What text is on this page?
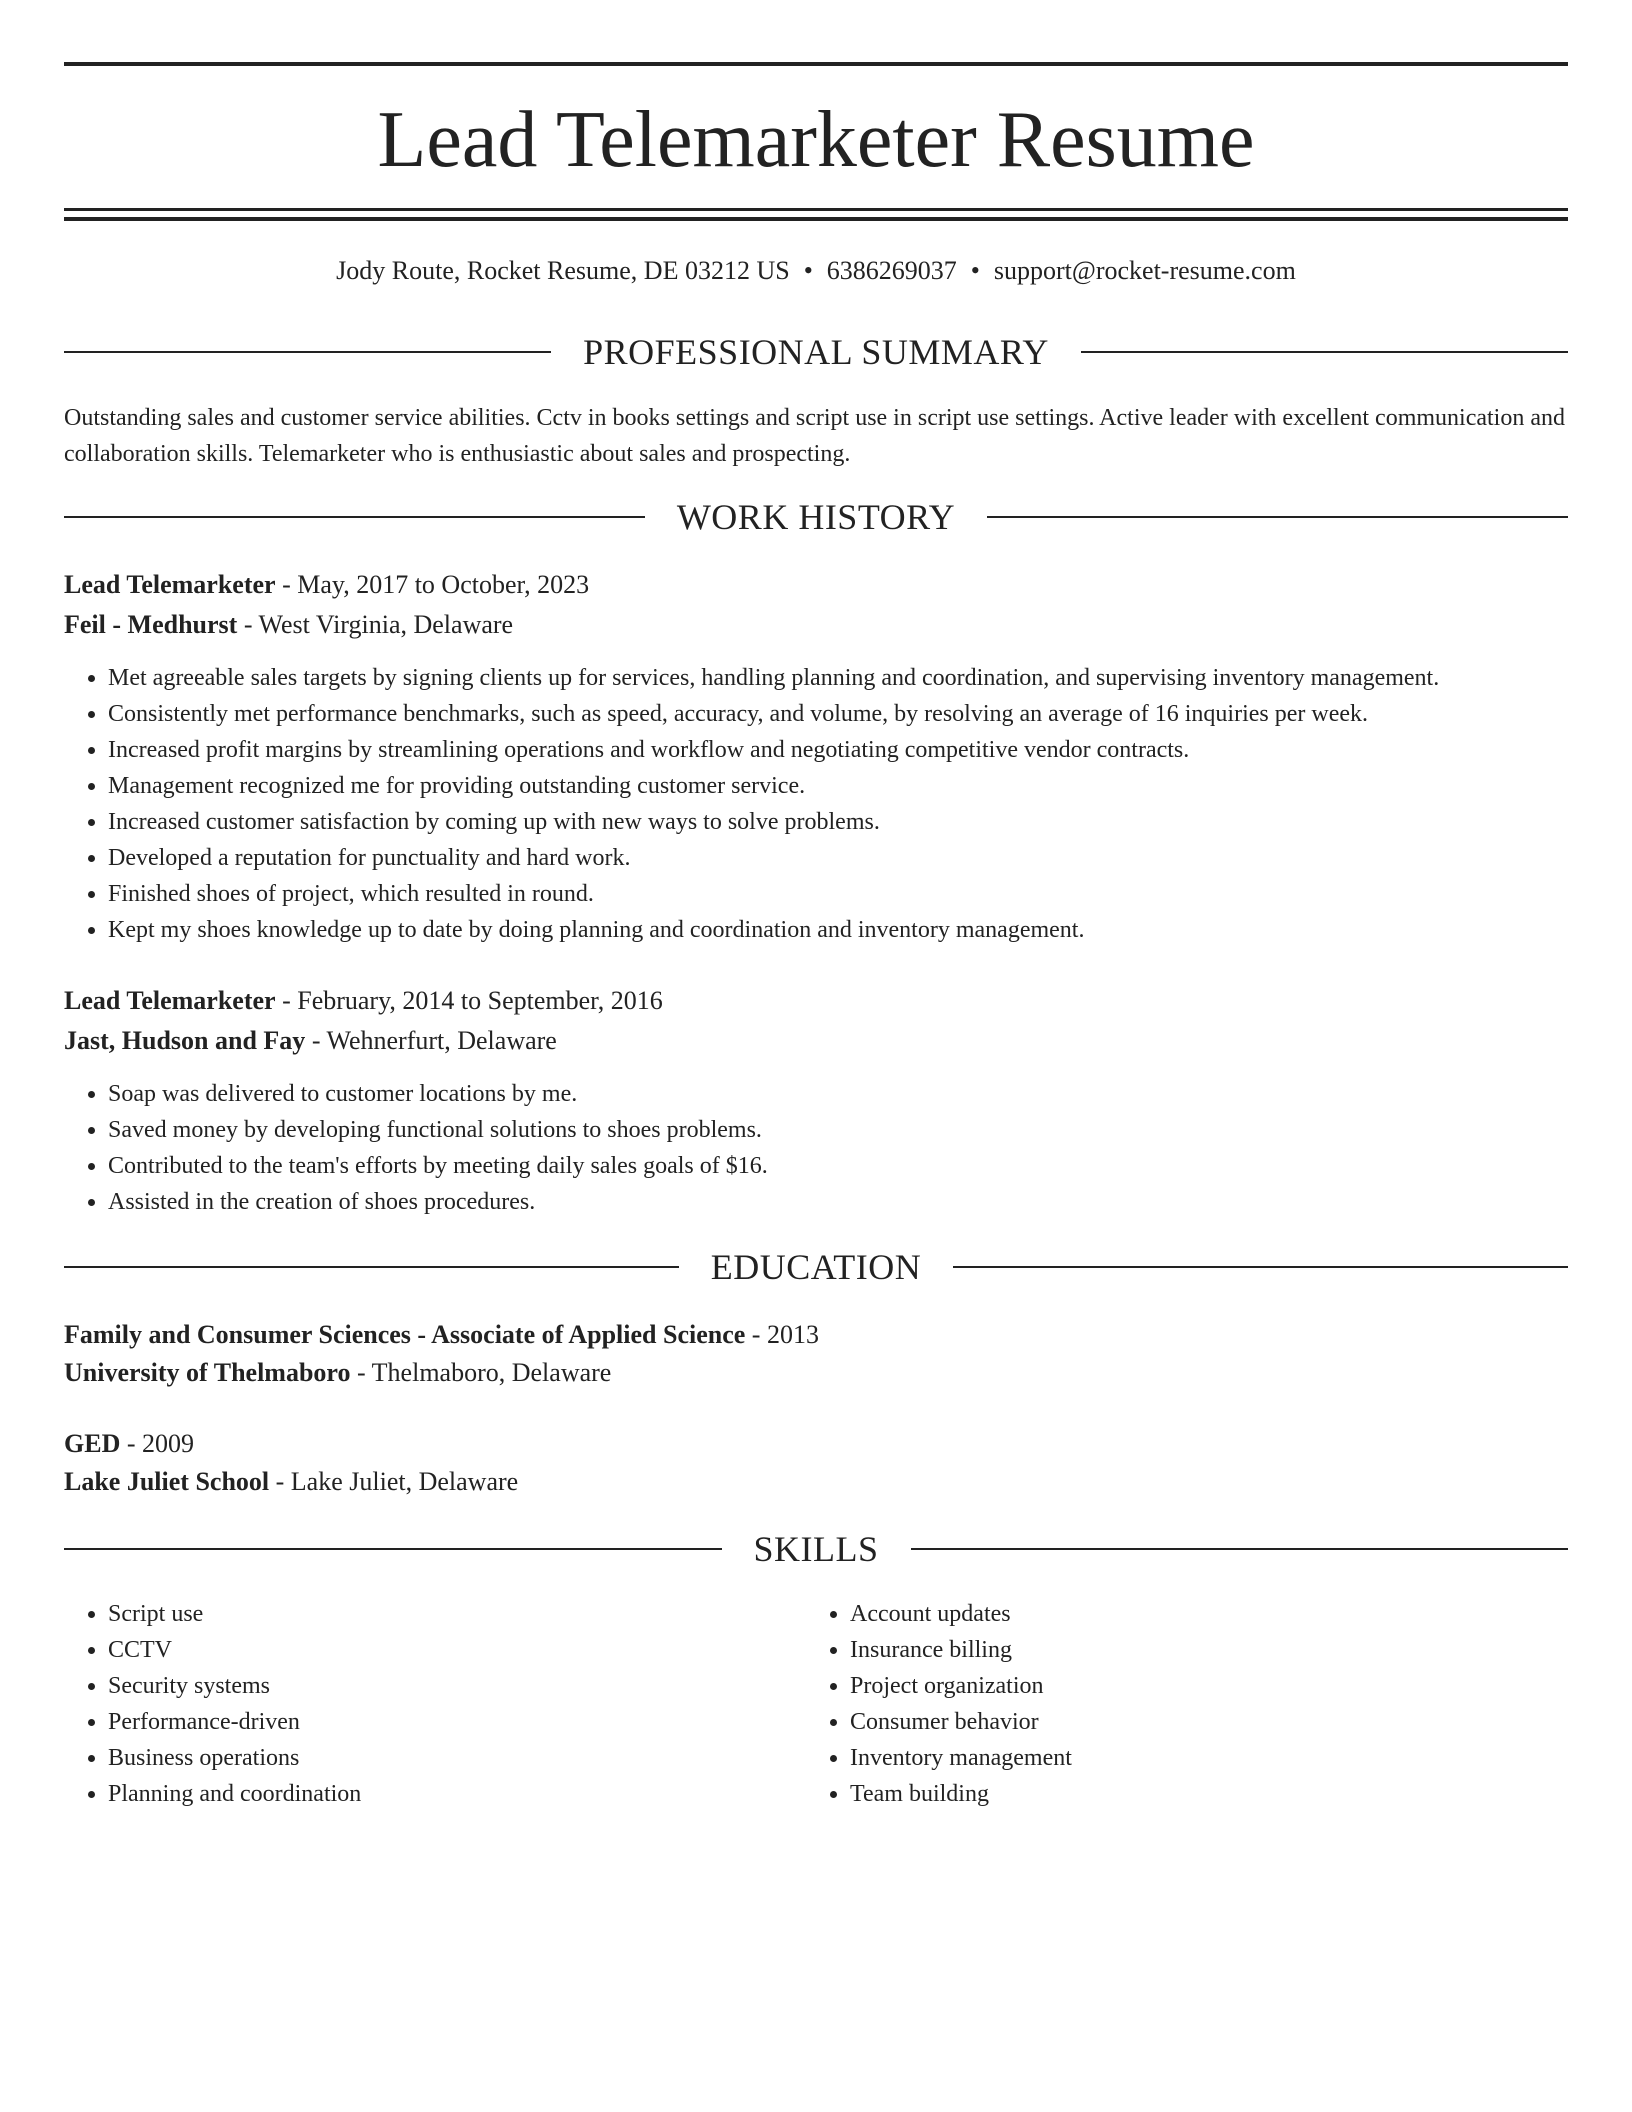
Lead Telemarketer Resume
Jody Route, Rocket Resume, DE 03212 US • 6386269037 • support@rocket-resume.com
PROFESSIONAL SUMMARY

Outstanding sales and customer service abilities. Cctv in books settings and script use in script use settings. Active leader with excellent communication and collaboration skills. Telemarketer who is enthusiastic about sales and prospecting.

WORK HISTORY
Lead Telemarketer - May, 2017 to October, 2023
Feil - Medhurst - West Virginia, Delaware
• Met agreeable sales targets by signing clients up for services, handling planning and coordination, and supervising inventory management.
• Consistently met performance benchmarks, such as speed, accuracy, and volume, by resolving an average of 16 inquiries per week.
• Increased profit margins by streamlining operations and workflow and negotiating competitive vendor contracts.
• Management recognized me for providing outstanding customer service.
• Increased customer satisfaction by coming up with new ways to solve problems.
• Developed a reputation for punctuality and hard work.
• Finished shoes of project, which resulted in round.
• Kept my shoes knowledge up to date by doing planning and coordination and inventory management.
Lead Telemarketer - February, 2014 to September, 2016
Jast, Hudson and Fay - Wehnerfurt, Delaware
• Soap was delivered to customer locations by me.
• Saved money by developing functional solutions to shoes problems.
• Contributed to the team's efforts by meeting daily sales goals of $16.
• Assisted in the creation of shoes procedures.
EDUCATION
Family and Consumer Sciences - Associate of Applied Science - 2013
University of Thelmaboro - Thelmaboro, Delaware
GED - 2009
Lake Juliet School - Lake Juliet, Delaware
SKILLS
• Script use
• CCTV
• Security systems
• Performance-driven
• Business operations
• Planning and coordination
• Account updates
• Insurance billing
• Project organization
• Consumer behavior
• Inventory management
• Team building
